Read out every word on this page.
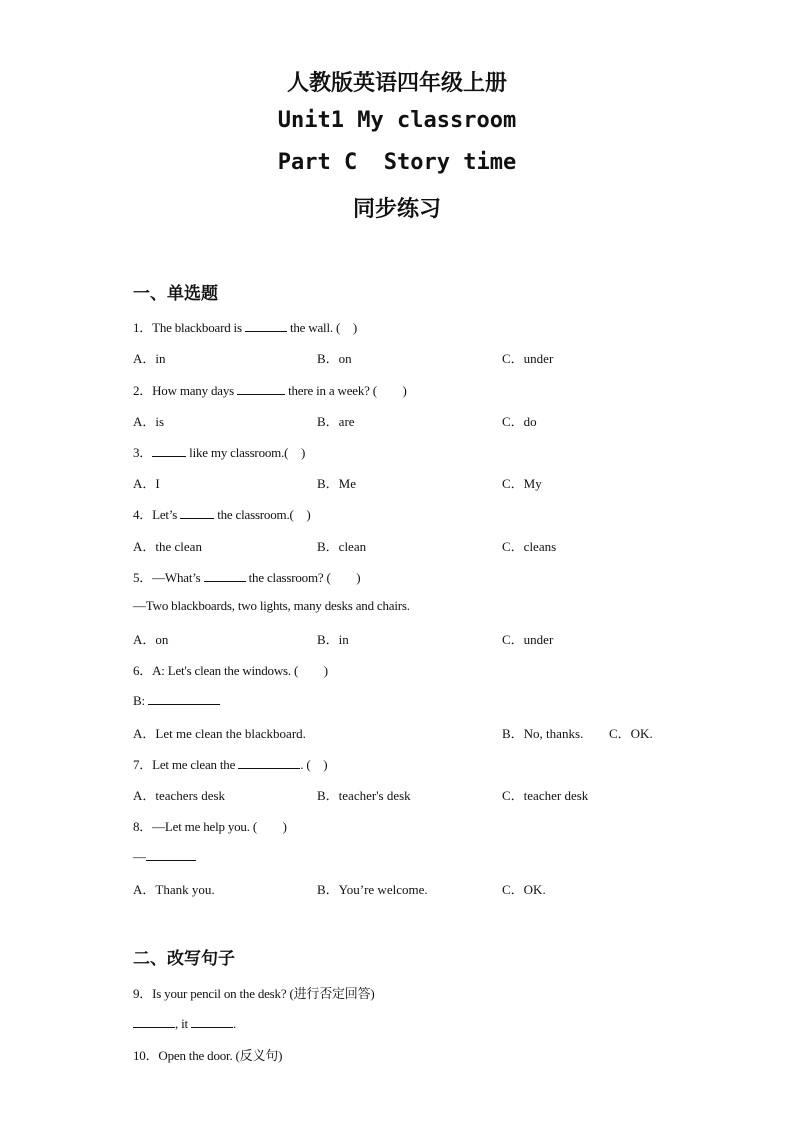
人教版英语四年级上册
Unit1 My classroom
Part C  Story time
同步练习
一、单选题
1．The blackboard is	the wall. (　)
A．in	B．on	C．under
2．How many days	there in a week? (　　)
A．is	B．are	C．do
3．	like my classroom.(　)
A．I	B．Me	C．My
4．Let’s	the classroom.(　)
A．the clean	B．clean	C．cleans
5．—What’s	the classroom? (　　)
—Two blackboards, two lights, many desks and chairs.
A．on	B．in	C．under
6．A: Let's clean the windows. (　　)
B:
A．Let me clean the blackboard.	B．No, thanks. C．OK.
7．Let me clean the	. (　)
A．teachers desk	B．teacher's desk	C．teacher desk
8．—Let me help you. (　　)
—
A．Thank you.	B．You’re welcome.	C．OK.
二、改写句子
9．Is your pencil on the desk? (进行否定回答)
, it	.
10．Open the door. (反义句)
